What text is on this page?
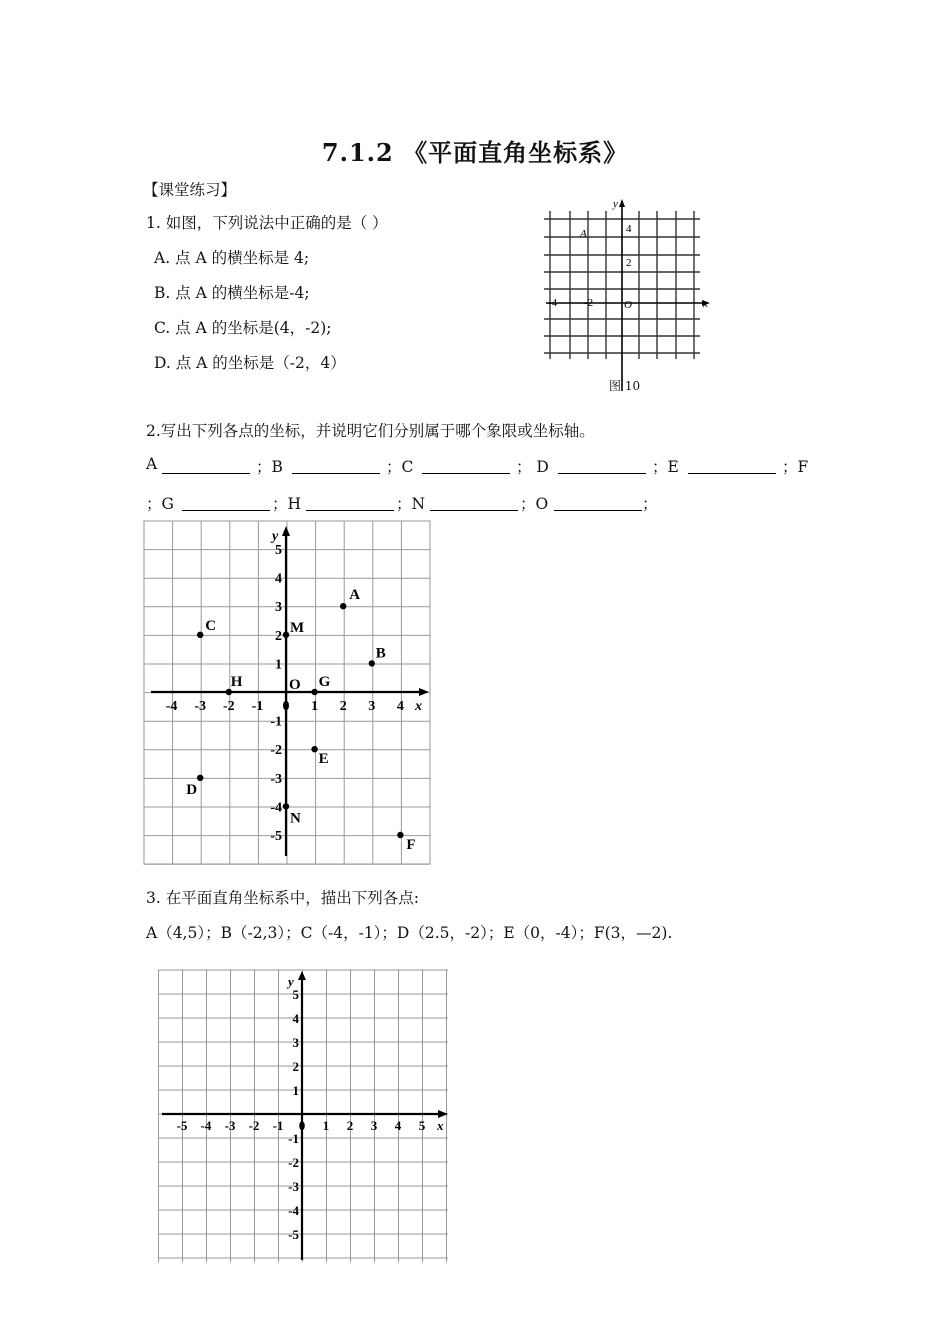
7.1.2 《平面直角坐标系》
【课堂练习】
1. 如图，下列说法中正确的是（ ）
A. 点 A 的横坐标是 4;
B. 点 A 的横坐标是-4;
C. 点 A 的坐标是(4，-2);
D. 点 A 的坐标是（-2，4）
x
y
O
-4 -2
4
2
A
图 10
2.写出下列各点的坐标，并说明它们分别属于哪个象限或坐标轴。
A	；B	；C	； D	；E	；F
；G	；H	；N	；O	；
x
y
-4 -3 -2 -1 0 1 2 3 4
5
4
3
2
1
-1
-2
-3
-4
-5
A
B
C
D
E
F
G
H
M
N
O
3. 在平面直角坐标系中，描出下列各点:
A（4,5）；B（-2,3）；C（-4，-1）；D（2.5，-2）；E（0，-4）；F(3，—2).
x
y
-5 -4 -3 -2 -1 0 1 2 3 4 5
5
4
3
2
1
-1
-2
-3
-4
-5
